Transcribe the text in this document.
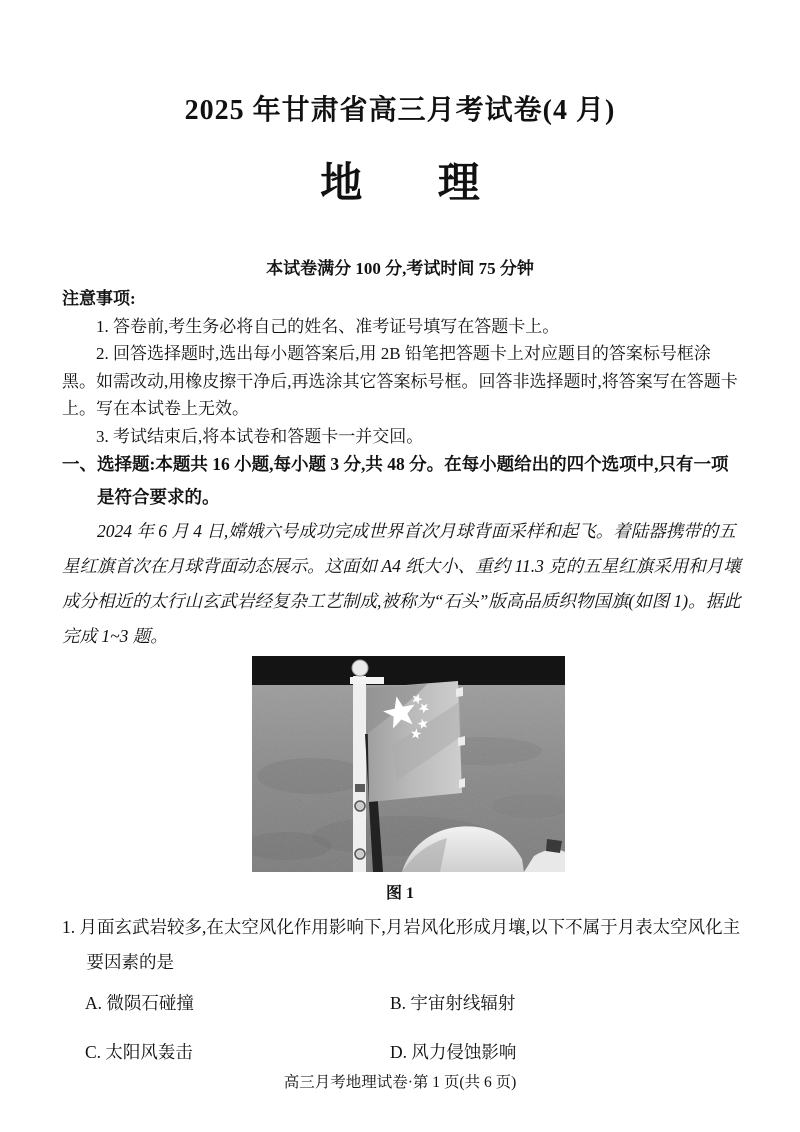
2025 年甘肃省高三月考试卷(4 月)
地理
本试卷满分 100 分,考试时间 75 分钟
注意事项:
1. 答卷前,考生务必将自己的姓名、准考证号填写在答题卡上。
2. 回答选择题时,选出每小题答案后,用 2B 铅笔把答题卡上对应题目的答案标号框涂黑。如需改动,用橡皮擦干净后,再选涂其它答案标号框。回答非选择题时,将答案写在答题卡上。写在本试卷上无效。
3. 考试结束后,将本试卷和答题卡一并交回。
一、选择题:本题共 16 小题,每小题 3 分,共 48 分。在每小题给出的四个选项中,只有一项是符合要求的。
2024 年 6 月 4 日,嫦娥六号成功完成世界首次月球背面采样和起飞。着陆器携带的五星红旗首次在月球背面动态展示。这面如 A4 纸大小、重约 11.3 克的五星红旗采用和月壤成分相近的太行山玄武岩经复杂工艺制成,被称为“石头”版高品质织物国旗(如图 1)。据此完成 1~3 题。
图 1
1. 月面玄武岩较多,在太空风化作用影响下,月岩风化形成月壤,以下不属于月表太空风化主要因素的是
A. 微陨石碰撞	B. 宇宙射线辐射
C. 太阳风轰击	D. 风力侵蚀影响
高三月考地理试卷·第 1 页(共 6 页)
